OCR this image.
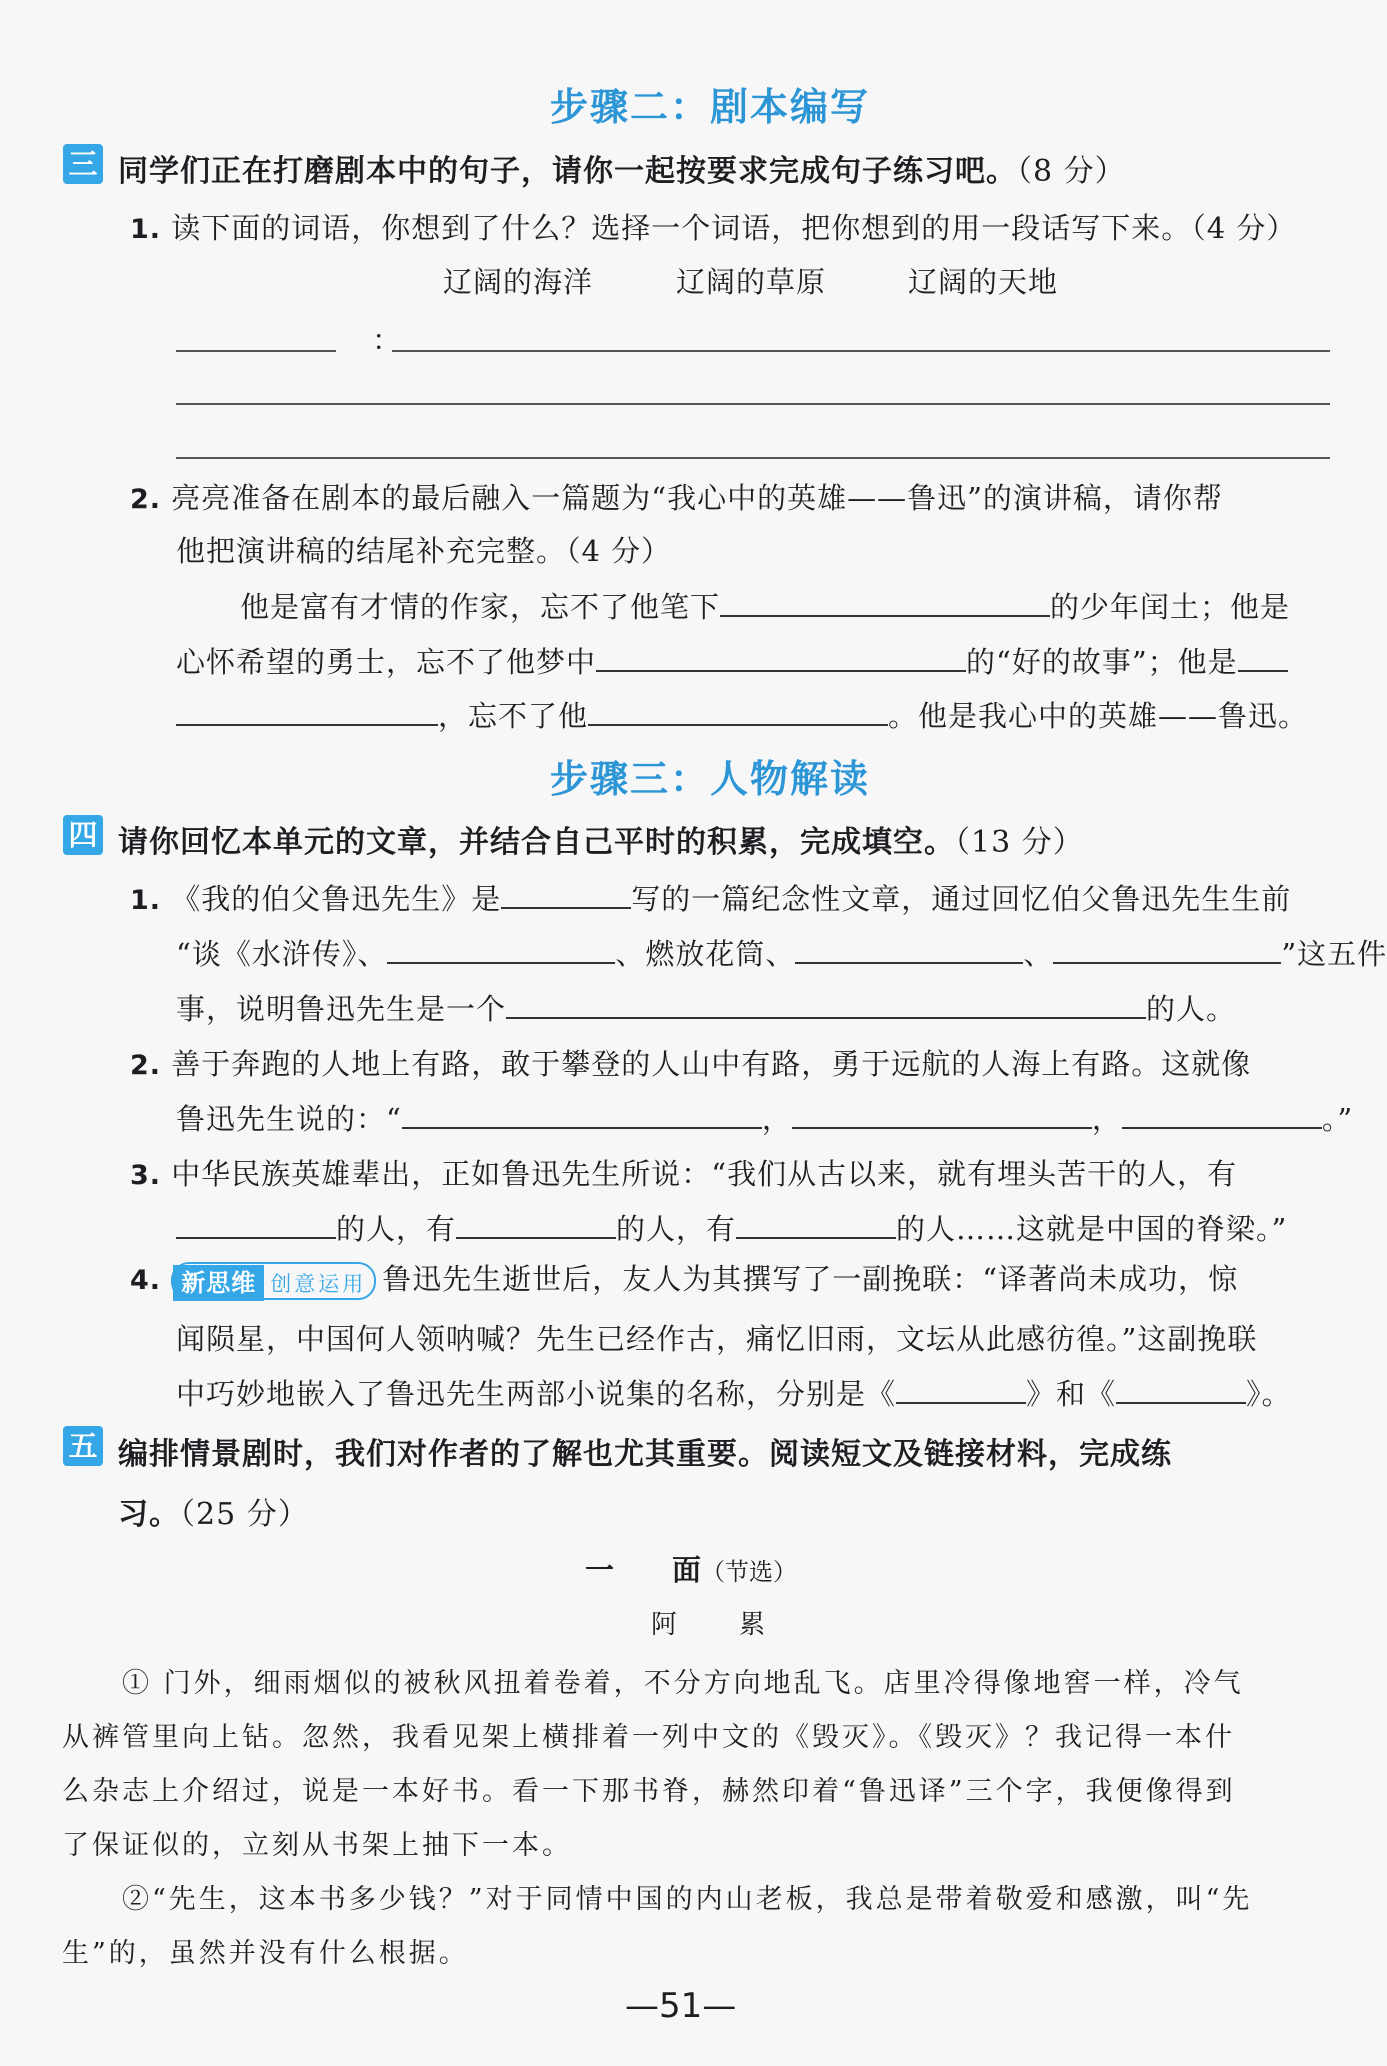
步骤二：剧本编写
三 同学们正在打磨剧本中的句子，请你一起按要求完成句子练习吧。（8 分）
1. 读下面的词语，你想到了什么？选择一个词语，把你想到的用一段话写下来。（4 分）
辽阔的海洋	辽阔的草原	辽阔的天地
：
2. 亮亮准备在剧本的最后融入一篇题为“我心中的英雄——鲁迅”的演讲稿，请你帮
他把演讲稿的结尾补充完整。（4 分）
他是富有才情的作家，忘不了他笔下	的少年闰土；他是
心怀希望的勇士，忘不了他梦中	的“好的故事”；他是
，忘不了他	。他是我心中的英雄——鲁迅。
步骤三：人物解读
四 请你回忆本单元的文章，并结合自己平时的积累，完成填空。（13 分）
1. 《我的伯父鲁迅先生》是	写的一篇纪念性文章，通过回忆伯父鲁迅先生生前
“谈《水浒传》、	、燃放花筒、	、	”这五件
事，说明鲁迅先生是一个	的人。
2. 善于奔跑的人地上有路，敢于攀登的人山中有路，勇于远航的人海上有路。这就像
鲁迅先生说的：“	，	，	。”
3. 中华民族英雄辈出，正如鲁迅先生所说：“我们从古以来，就有埋头苦干的人，有
的人，有	的人，有	的人……这就是中国的脊梁。”
4. 新思维 创意运用 鲁迅先生逝世后，友人为其撰写了一副挽联：“译著尚未成功，惊
闻陨星，中国何人领呐喊？先生已经作古，痛忆旧雨，文坛从此感彷徨。”这副挽联
中巧妙地嵌入了鲁迅先生两部小说集的名称，分别是《	》和《	》。
五 编排情景剧时，我们对作者的了解也尤其重要。阅读短文及链接材料，完成练
习。（25 分）
一　　面（节选）
阿　累
① 门外，细雨烟似的被秋风扭着卷着，不分方向地乱飞。店里冷得像地窖一样，冷气
从裤管里向上钻。忽然，我看见架上横排着一列中文的《毁灭》。《毁灭》？我记得一本什
么杂志上介绍过，说是一本好书。看一下那书脊，赫然印着“鲁迅译”三个字，我便像得到
了保证似的，立刻从书架上抽下一本。
②“先生，这本书多少钱？”对于同情中国的内山老板，我总是带着敬爱和感激，叫“先
生”的，虽然并没有什么根据。
—51—
